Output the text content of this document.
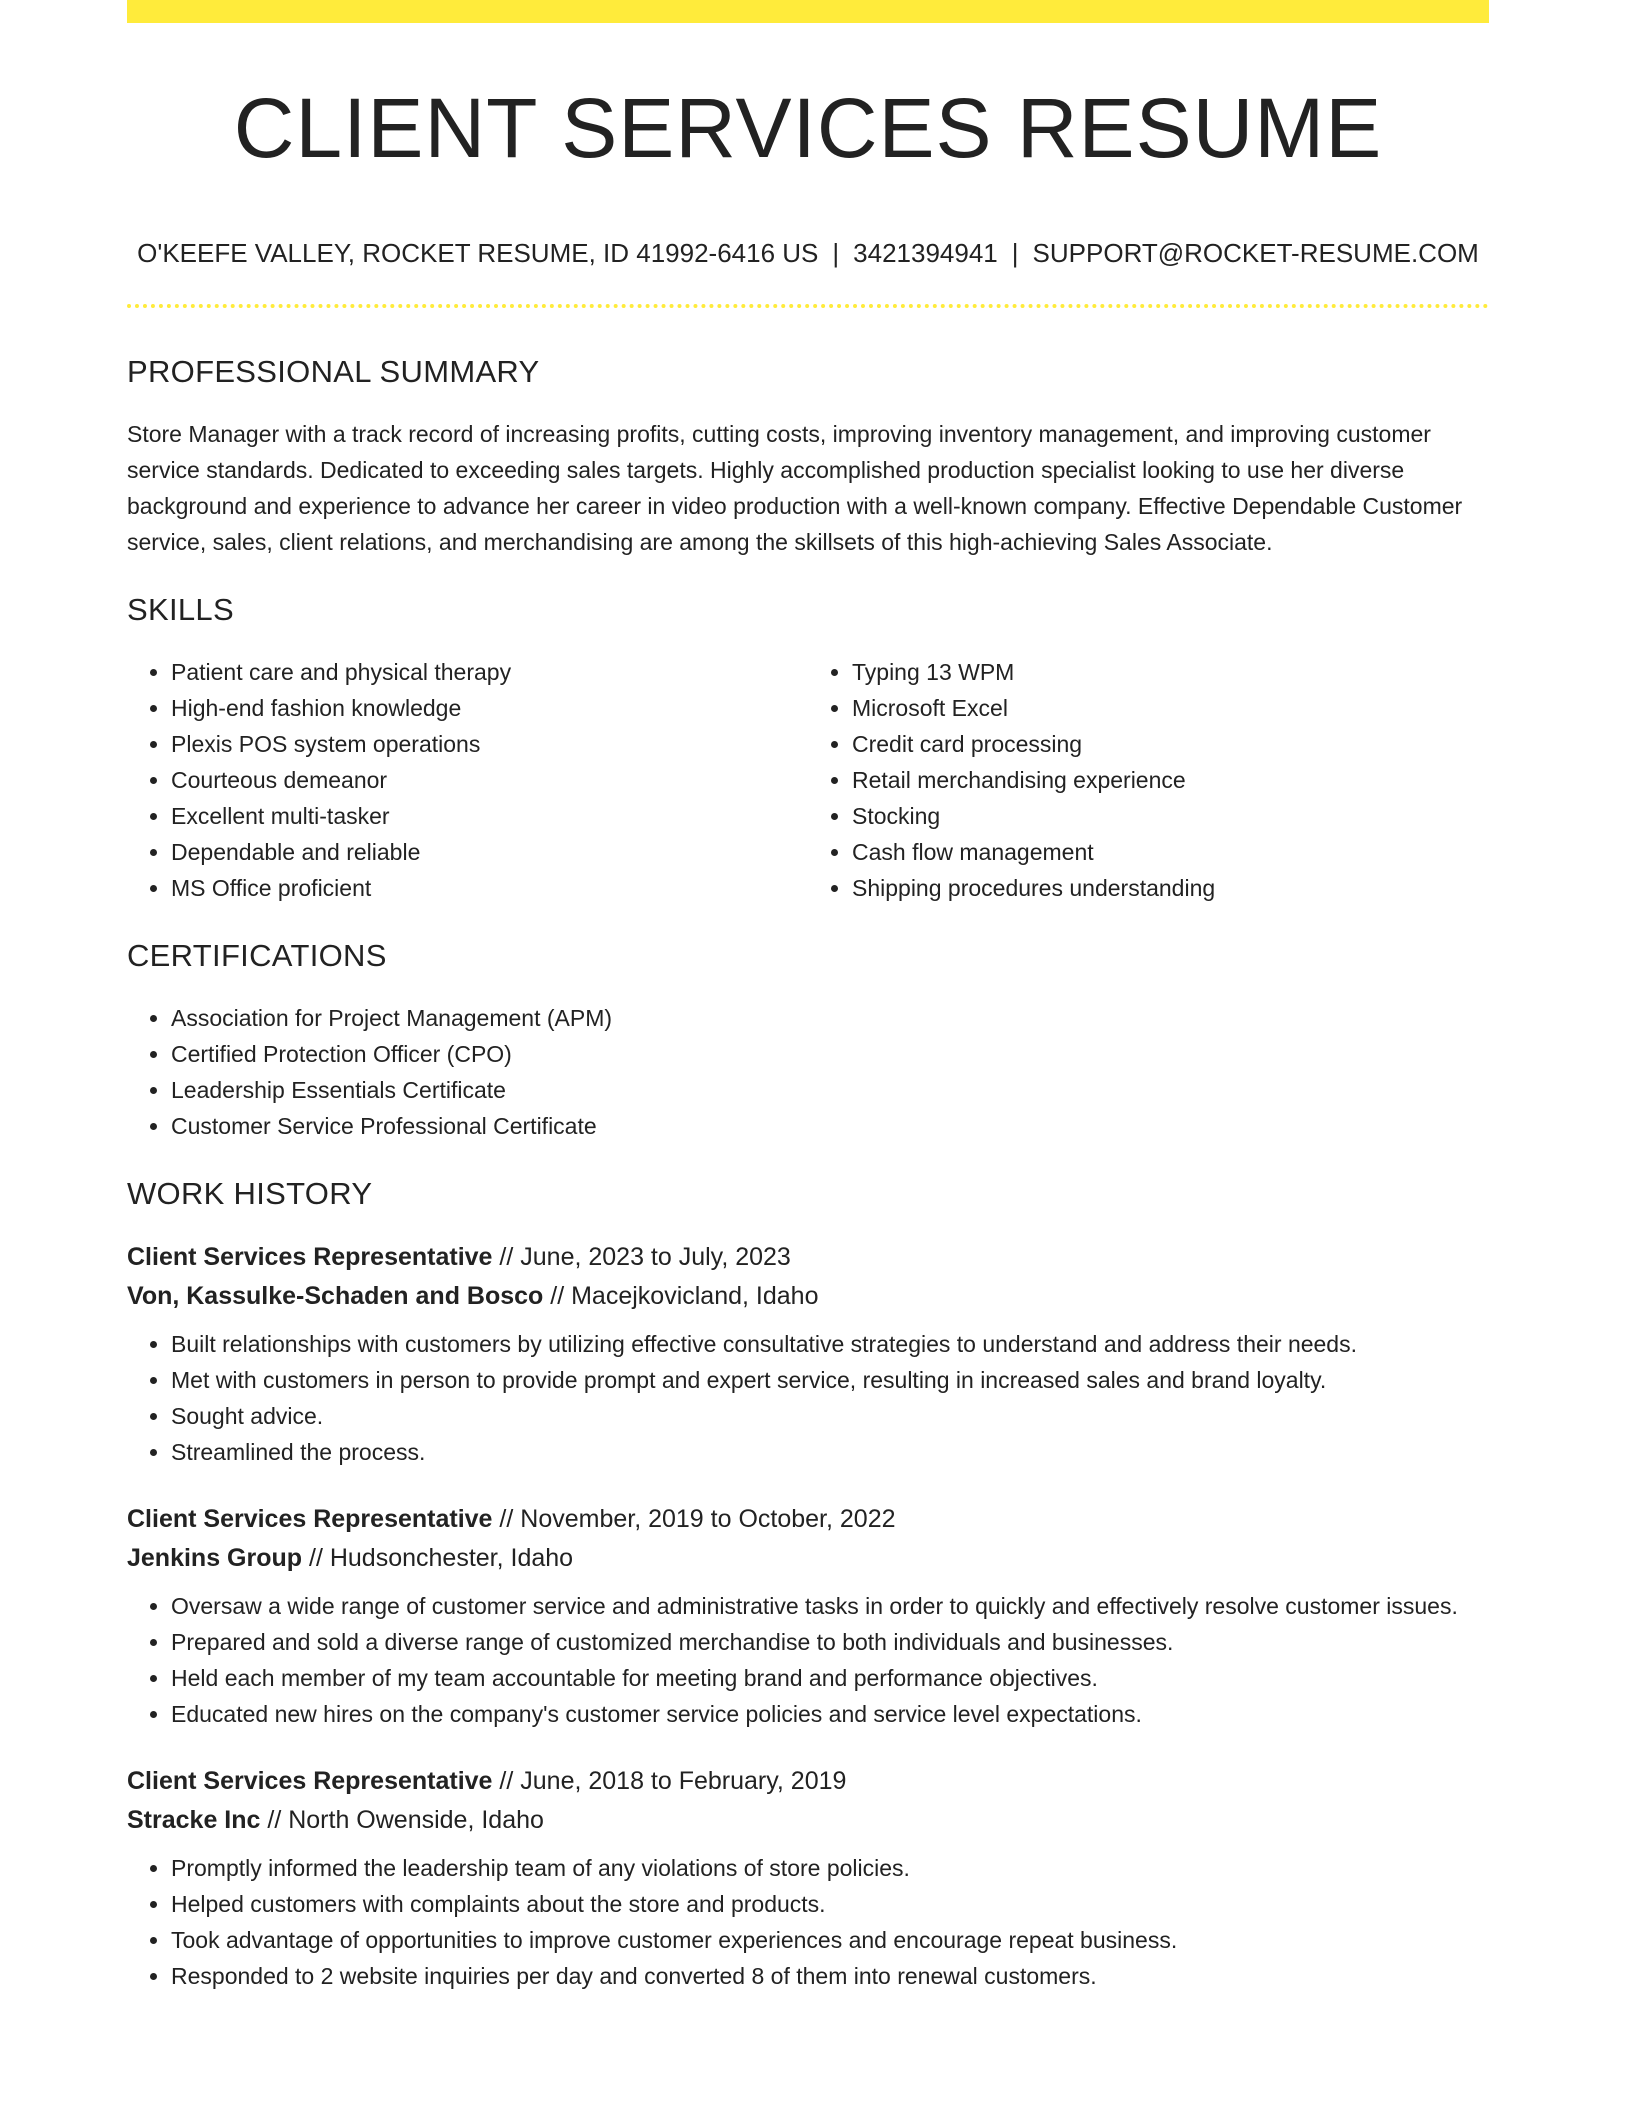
CLIENT SERVICES RESUME
O'KEEFE VALLEY, ROCKET RESUME, ID 41992-6416 US | 3421394941 | SUPPORT@ROCKET-RESUME.COM
PROFESSIONAL SUMMARY

Store Manager with a track record of increasing profits, cutting costs, improving inventory management, and improving customer service standards. Dedicated to exceeding sales targets. Highly accomplished production specialist looking to use her diverse background and experience to advance her career in video production with a well-known company. Effective Dependable Customer service, sales, client relations, and merchandising are among the skillsets of this high-achieving Sales Associate.

SKILLS
• Patient care and physical therapy
• High-end fashion knowledge
• Plexis POS system operations
• Courteous demeanor
• Excellent multi-tasker
• Dependable and reliable
• MS Office proficient
• Typing 13 WPM
• Microsoft Excel
• Credit card processing
• Retail merchandising experience
• Stocking
• Cash flow management
• Shipping procedures understanding
CERTIFICATIONS
• Association for Project Management (APM)
• Certified Protection Officer (CPO)
• Leadership Essentials Certificate
• Customer Service Professional Certificate
WORK HISTORY
Client Services Representative // June, 2023 to July, 2023
Von, Kassulke-Schaden and Bosco // Macejkovicland, Idaho
• Built relationships with customers by utilizing effective consultative strategies to understand and address their needs.
• Met with customers in person to provide prompt and expert service, resulting in increased sales and brand loyalty.
• Sought advice.
• Streamlined the process.
Client Services Representative // November, 2019 to October, 2022
Jenkins Group // Hudsonchester, Idaho
• Oversaw a wide range of customer service and administrative tasks in order to quickly and effectively resolve customer issues.
• Prepared and sold a diverse range of customized merchandise to both individuals and businesses.
• Held each member of my team accountable for meeting brand and performance objectives.
• Educated new hires on the company's customer service policies and service level expectations.
Client Services Representative // June, 2018 to February, 2019
Stracke Inc // North Owenside, Idaho
• Promptly informed the leadership team of any violations of store policies.
• Helped customers with complaints about the store and products.
• Took advantage of opportunities to improve customer experiences and encourage repeat business.
• Responded to 2 website inquiries per day and converted 8 of them into renewal customers.
